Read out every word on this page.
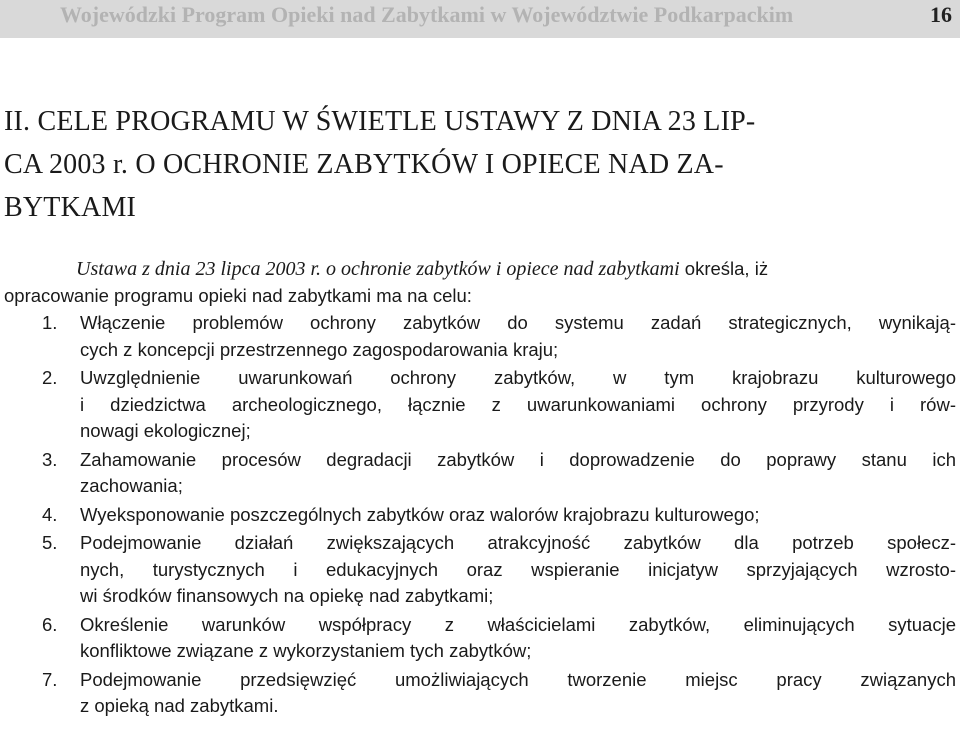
Wojewódzki Program Opieki nad Zabytkami w Województwie Podkarpackim	16
II. CELE PROGRAMU W ŚWIETLE USTAWY Z DNIA 23 LIP-
CA 2003 r. O OCHRONIE ZABYTKÓW I OPIECE NAD ZA-
BYTKAMI
Ustawa z dnia 23 lipca 2003 r. o ochronie zabytków i opiece nad zabytkami określa, iż
opracowanie programu opieki nad zabytkami ma na celu:
1. Włączenie problemów ochrony zabytków do systemu zadań strategicznych, wynikają-
cych z koncepcji przestrzennego zagospodarowania kraju;
2. Uwzględnienie uwarunkowań ochrony zabytków, w tym krajobrazu kulturowego
i dziedzictwa archeologicznego, łącznie z uwarunkowaniami ochrony przyrody i rów-
nowagi ekologicznej;
3. Zahamowanie procesów degradacji zabytków i doprowadzenie do poprawy stanu ich
zachowania;
4. Wyeksponowanie poszczególnych zabytków oraz walorów krajobrazu kulturowego;
5. Podejmowanie działań zwiększających atrakcyjność zabytków dla potrzeb społecz-
nych, turystycznych i edukacyjnych oraz wspieranie inicjatyw sprzyjających wzrosto-
wi środków finansowych na opiekę nad zabytkami;
6. Określenie warunków współpracy z właścicielami zabytków, eliminujących sytuacje
konfliktowe związane z wykorzystaniem tych zabytków;
7. Podejmowanie przedsięwzięć umożliwiających tworzenie miejsc pracy związanych
z opieką nad zabytkami.
